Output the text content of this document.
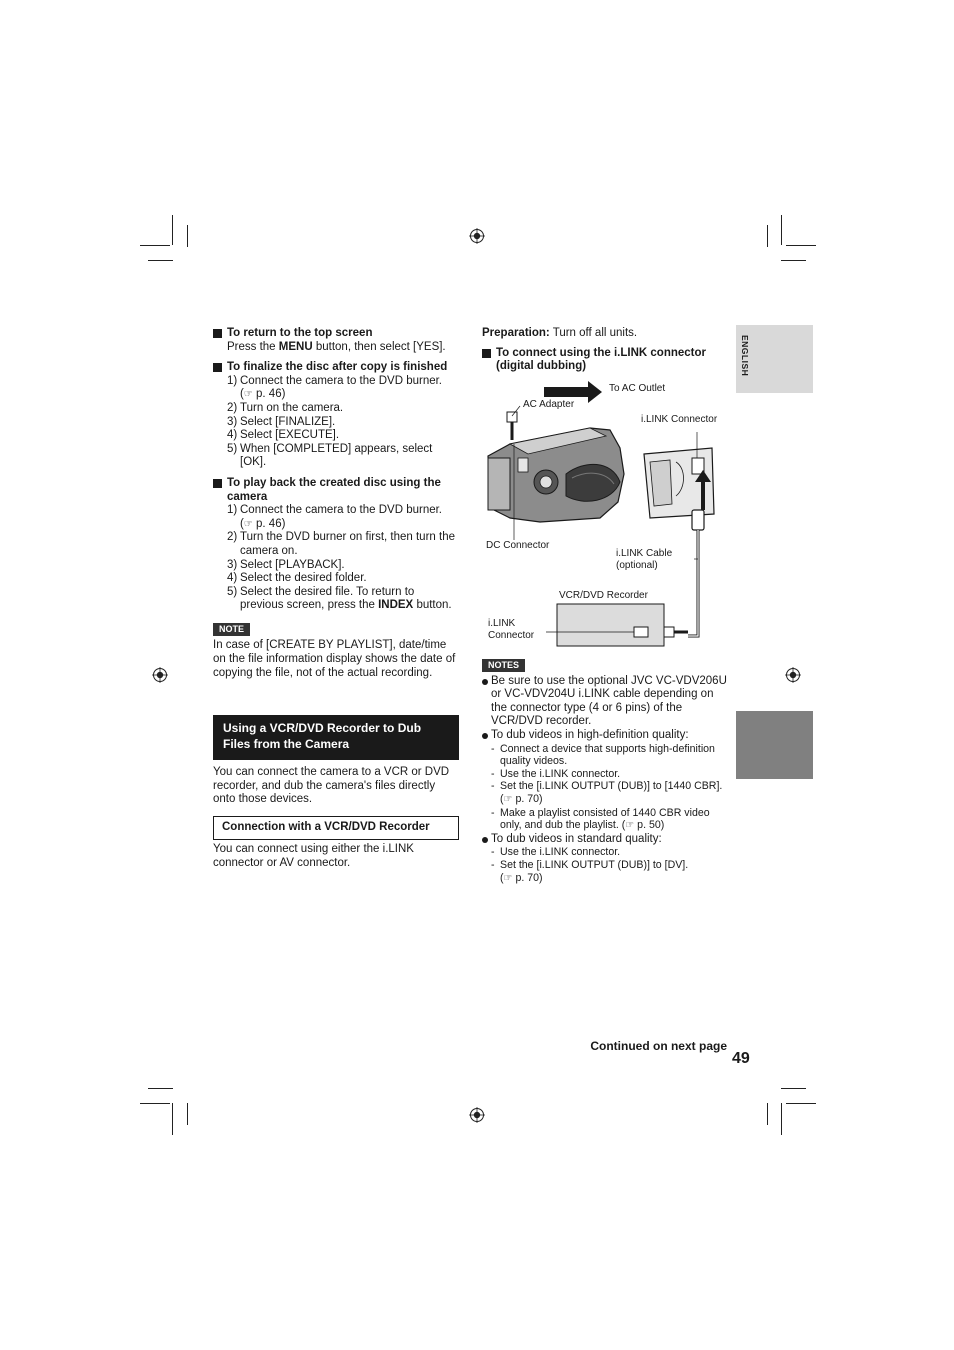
ENGLISH
To return to the top screen
Press the MENU button, then select [YES].
To finalize the disc after copy is finished
1) Connect the camera to the DVD burner.
(☞ p. 46)
2) Turn on the camera.
3) Select [FINALIZE].
4) Select [EXECUTE].
5) When [COMPLETED] appears, select [OK].
To play back the created disc using the camera
1) Connect the camera to the DVD burner.
(☞ p. 46)
2) Turn the DVD burner on first, then turn the camera on.
3) Select [PLAYBACK].
4) Select the desired folder.
5) Select the desired file. To return to previous screen, press the INDEX button.
NOTE
In case of [CREATE BY PLAYLIST], date/time on the file information display shows the date of copying the file, not of the actual recording.
Using a VCR/DVD Recorder to Dub Files from the Camera
You can connect the camera to a VCR or DVD recorder, and dub the camera's files directly onto those devices.
Connection with a VCR/DVD Recorder
You can connect using either the i.LINK connector or AV connector.
Preparation: Turn off all units.
To connect using the i.LINK connector (digital dubbing)
To AC Outlet
AC Adapter
i.LINK Connector
DC Connector
i.LINK Cable
(optional)
VCR/DVD Recorder
i.LINK
Connector
NOTES
Be sure to use the optional JVC VC-VDV206U or VC-VDV204U i.LINK cable depending on the connector type (4 or 6 pins) of the VCR/DVD recorder.
To dub videos in high-definition quality:
- Connect a device that supports high-definition quality videos.
- Use the i.LINK connector.
- Set the [i.LINK OUTPUT (DUB)] to [1440 CBR]. (☞ p. 70)
- Make a playlist consisted of 1440 CBR video only, and dub the playlist. (☞ p. 50)
To dub videos in standard quality:
- Use the i.LINK connector.
- Set the [i.LINK OUTPUT (DUB)] to [DV].
(☞ p. 70)
Continued on next page
49
